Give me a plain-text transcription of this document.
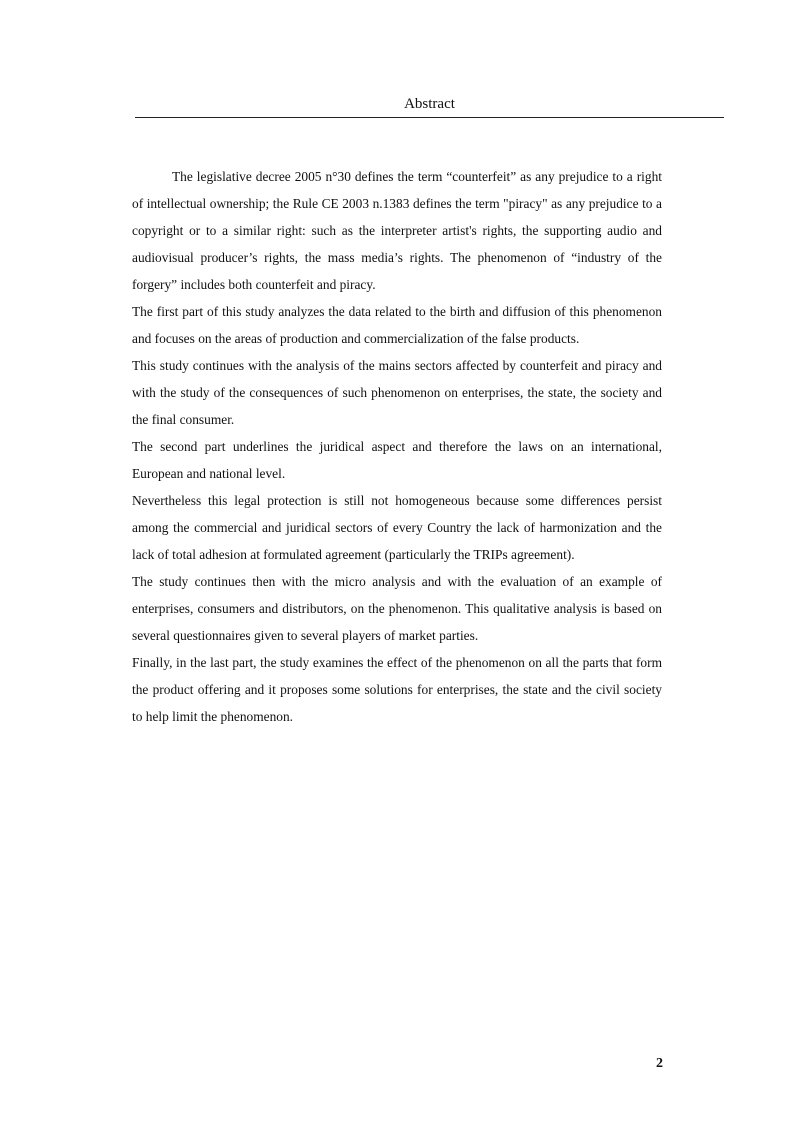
Abstract

The legislative decree 2005 n°30 defines the term “counterfeit” as any prejudice to a right of intellectual ownership; the Rule CE 2003 n.1383 defines the term "piracy" as any prejudice to a copyright or to a similar right: such as the interpreter artist's rights, the supporting audio and audiovisual producer’s rights, the mass media’s rights. The phenomenon of “industry of the forgery” includes both counterfeit and piracy.

The first part of this study analyzes the data related to the birth and diffusion of this phenomenon and focuses on the areas of production and commercialization of the false products.

This study continues with the analysis of the mains sectors affected by counterfeit and piracy and with the study of the consequences of such phenomenon on enterprises, the state, the society and the final consumer.

The second part underlines the juridical aspect and therefore the laws on an international, European and national level.

Nevertheless this legal protection is still not homogeneous because some differences persist among the commercial and juridical sectors of every Country the lack of harmonization and the lack of total adhesion at formulated agreement (particularly the TRIPs agreement).

The study continues then with the micro analysis and with the evaluation of an example of enterprises, consumers and distributors, on the phenomenon. This qualitative analysis is based on several questionnaires given to several players of market parties.

Finally, in the last part, the study examines the effect of the phenomenon on all the parts that form the product offering and it proposes some solutions for enterprises, the state and the civil society to help limit the phenomenon.

2
